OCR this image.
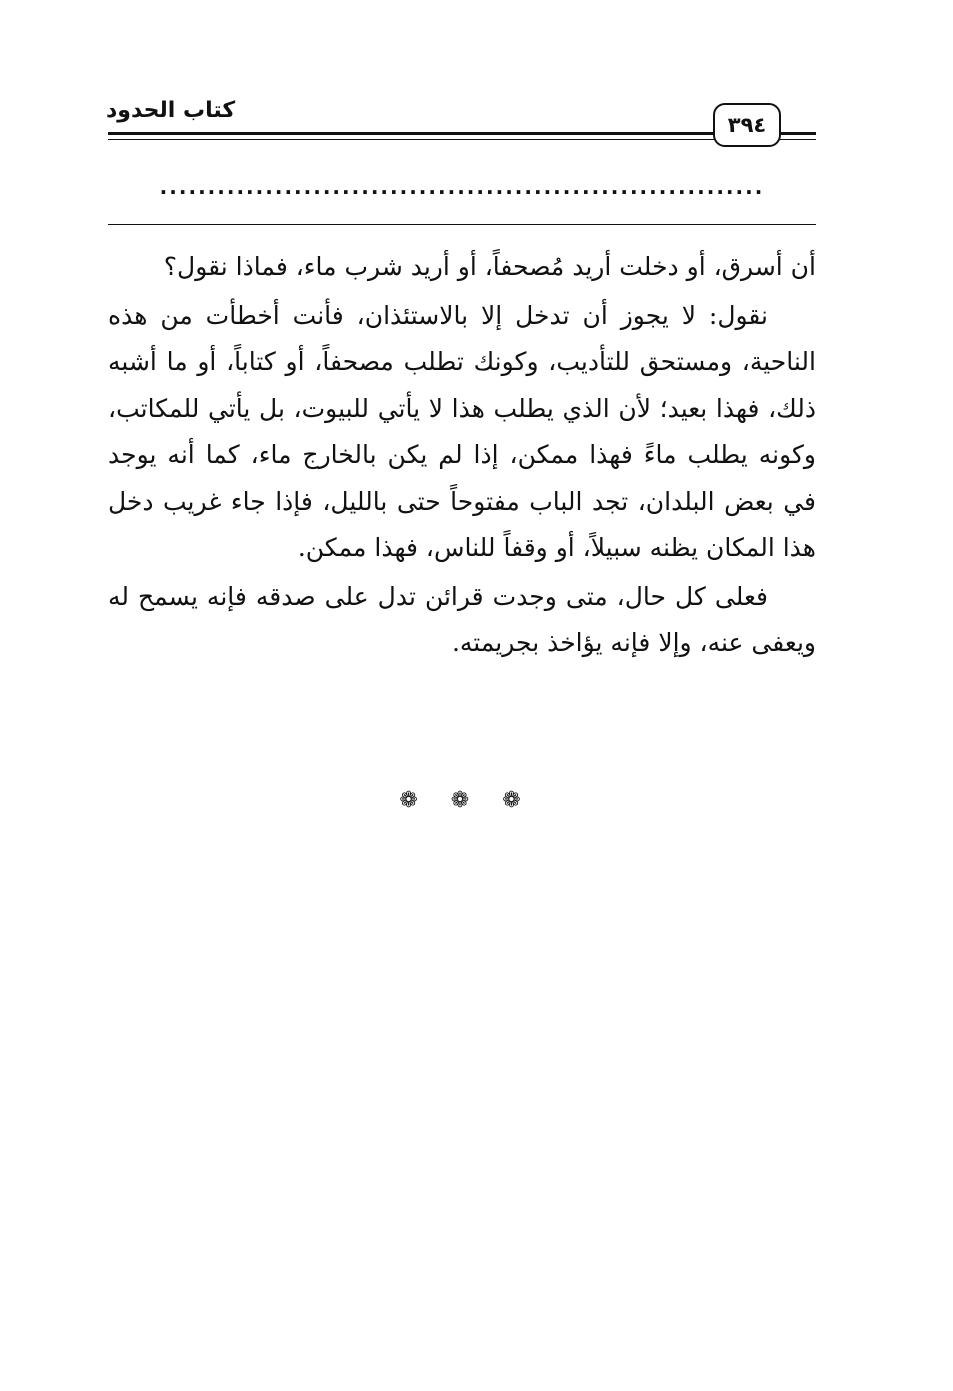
كتاب الحدود
٣٩٤
...............................................................

أن أسرق، أو دخلت أريد مُصحفاً، أو أريد شرب ماء، فماذا نقول؟

نقول: لا يجوز أن تدخل إلا بالاستئذان، فأنت أخطأت من هذه الناحية، ومستحق للتأديب، وكونك تطلب مصحفاً، أو كتاباً، أو ما أشبه ذلك، فهذا بعيد؛ لأن الذي يطلب هذا لا يأتي للبيوت، بل يأتي للمكاتب، وكونه يطلب ماءً فهذا ممكن، إذا لم يكن بالخارج ماء، كما أنه يوجد في بعض البلدان، تجد الباب مفتوحاً حتى بالليل، فإذا جاء غريب دخل هذا المكان يظنه سبيلاً، أو وقفاً للناس، فهذا ممكن.

فعلى كل حال، متى وجدت قرائن تدل على صدقه فإنه يسمح له ويعفى عنه، وإلا فإنه يؤاخذ بجريمته.

❁ ❁ ❁
